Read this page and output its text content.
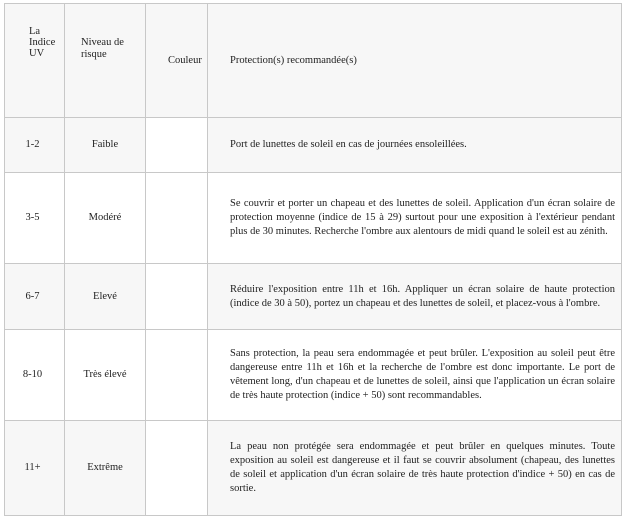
La Indice UV	Niveau de risque	Couleur	Protection(s) recommandée(s)
1-2	Faible		Port de lunettes de soleil en cas de journées ensoleillées.
3-5	Modéré		Se couvrir et porter un chapeau et des lunettes de soleil. Application d'un écran solaire de protection moyenne (indice de 15 à 29) surtout pour une exposition à l'extérieur pendant plus de 30 minutes. Recherche l'ombre aux alentours de midi quand le soleil est au zénith.
6-7	Elevé		Réduire l'exposition entre 11h et 16h. Appliquer un écran solaire de haute protection (indice de 30 à 50), portez un chapeau et des lunettes de soleil, et placez-vous à l'ombre.
8-10	Très élevé		Sans protection, la peau sera endommagée et peut brûler. L'exposition au soleil peut être dangereuse entre 11h et 16h et la recherche de l'ombre est donc importante. Le port de vêtement long, d'un chapeau et de lunettes de soleil, ainsi que l'application un écran solaire de très haute protection (indice + 50) sont recommandables.
11+	Extrême		La peau non protégée sera endommagée et peut brûler en quelques minutes. Toute exposition au soleil est dangereuse et il faut se couvrir absolument (chapeau, des lunettes de soleil et application d'un écran solaire de très haute protection d'indice + 50) en cas de sortie.
